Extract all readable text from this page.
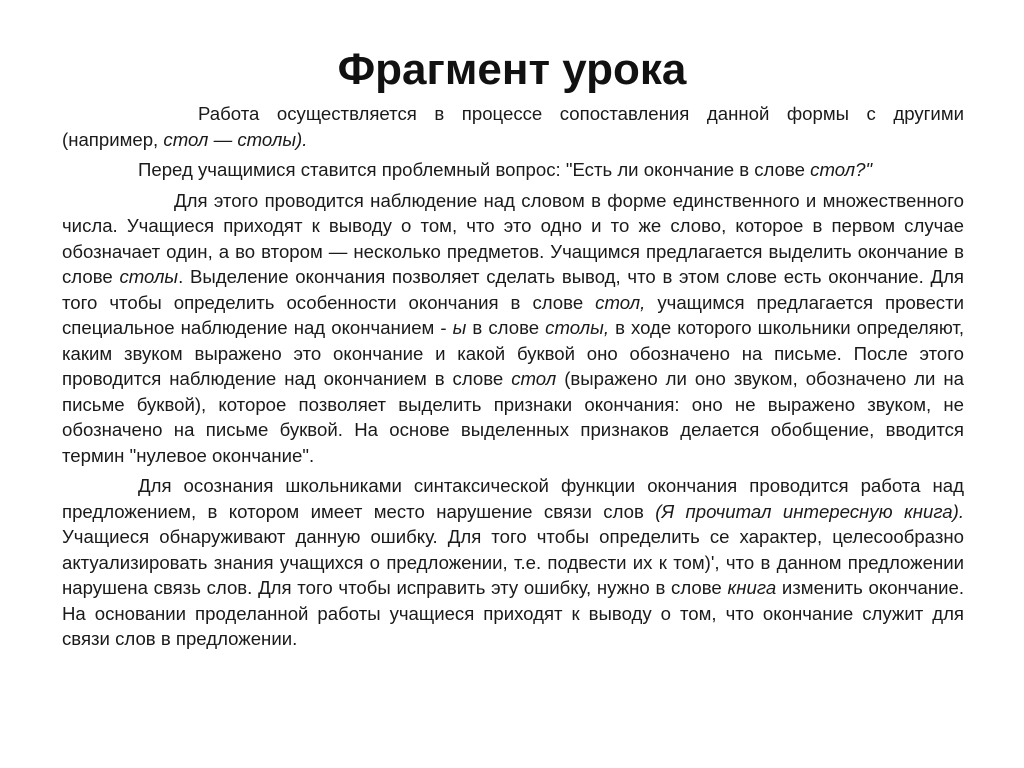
Фрагмент урока

Работа осуществляется в процессе сопоставления данной формы с другими (например, стол — столы).

Перед учащимися ставится проблемный вопрос: "Есть ли окончание в слове стол?"

Для этого проводится наблюдение над словом в форме единственного и множественного числа. Учащиеся приходят к выводу о том, что это одно и то же слово, которое в первом случае обозначает один, а во втором — несколько предметов. Учащимся предлагается выделить окончание в слове столы. Выделение окончания позволяет сделать вывод, что в этом слове есть окончание. Для того чтобы определить особенности окончания в слове стол, учащимся предлагается провести специальное наблюдение над окончанием - ы в слове столы, в ходе которого школьники определяют, каким звуком выражено это окончание и какой буквой оно обозначено на письме. После этого проводится наблюдение над окончанием в слове стол (выражено ли оно звуком, обозначено ли на письме буквой), которое позволяет выделить признаки окончания: оно не выражено звуком, не обозначено на письме буквой. На основе выделенных признаков делается обобщение, вводится термин "нулевое окончание".

Для осознания школьниками синтаксической функции окончания проводится работа над предложением, в котором имеет место нарушение связи слов (Я прочитал интересную книга). Учащиеся обнаруживают данную ошибку. Для того чтобы определить се характер, целесообразно актуализировать знания учащихся о предложении, т.е. подвести их к том)', что в данном предложении нарушена связь слов. Для того чтобы исправить эту ошибку, нужно в слове книга изменить окончание. На основании проделанной работы учащиеся приходят к выводу о том, что окончание служит для связи слов в предложении.
